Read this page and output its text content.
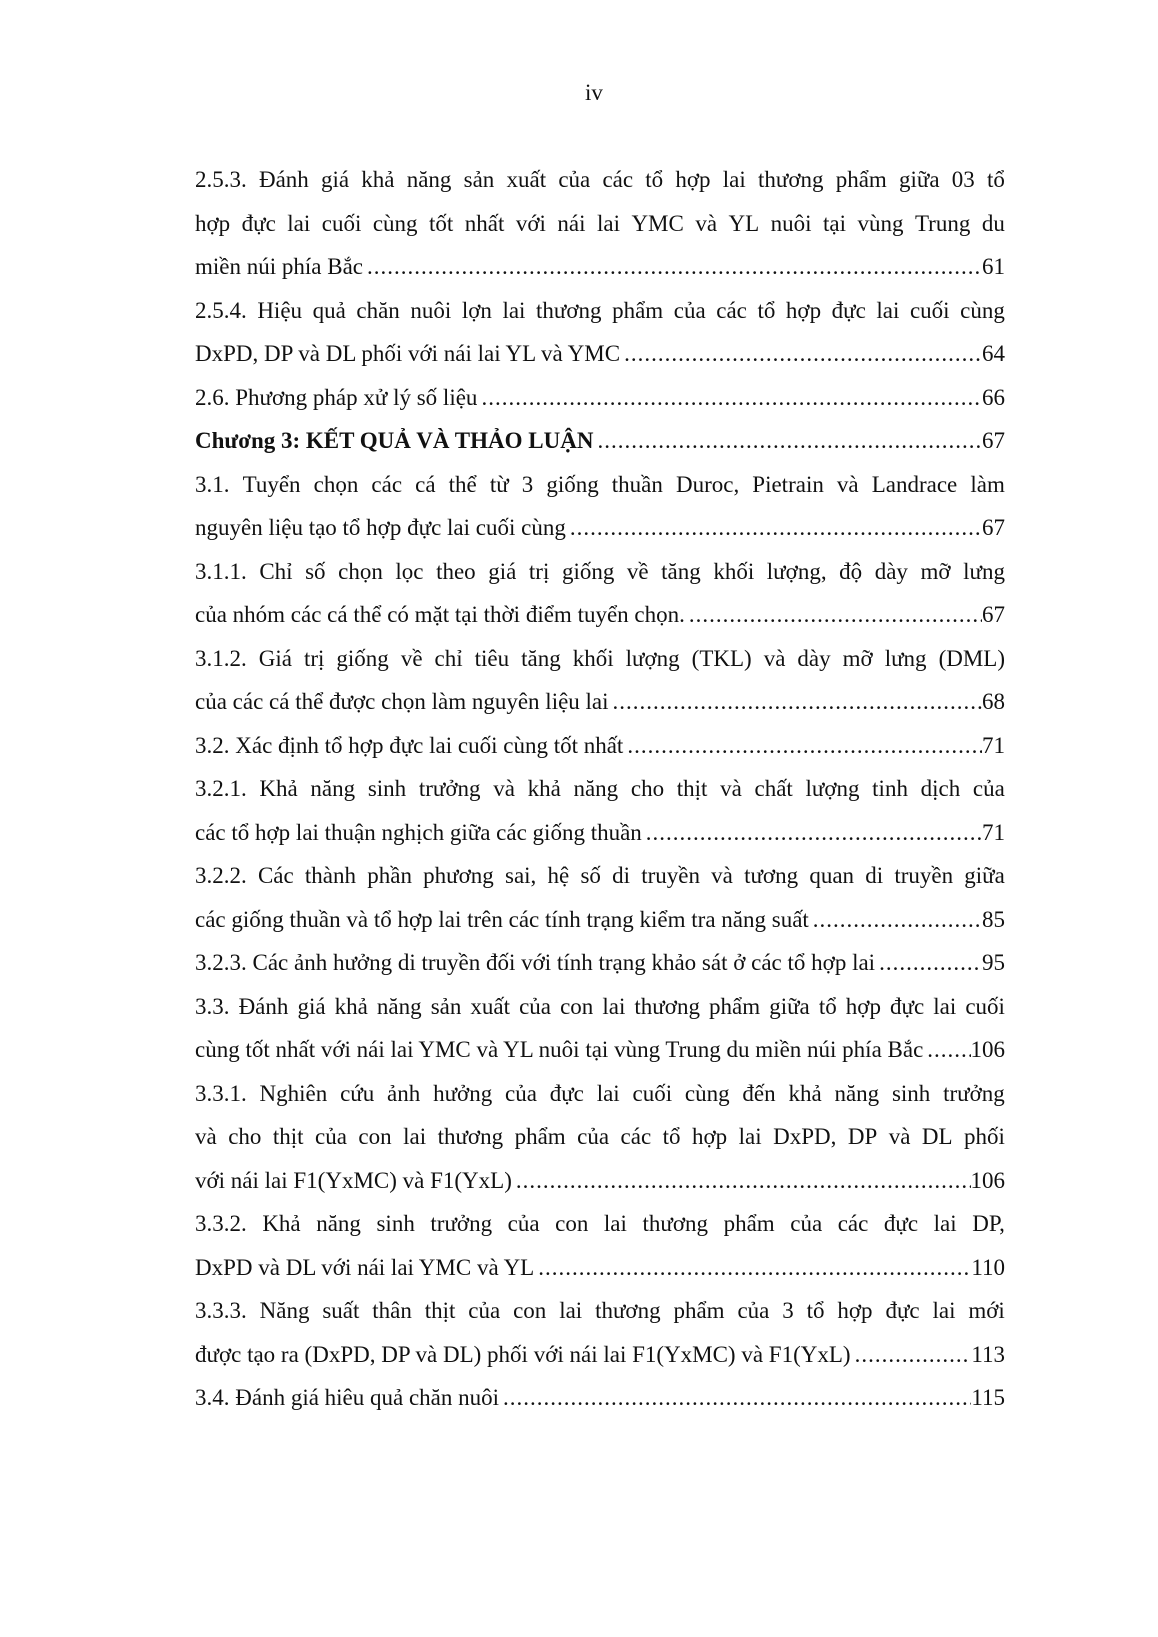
iv
2.5.3. Đánh giá khả năng sản xuất của các tổ hợp lai thương phẩm giữa 03 tổ
hợp đực lai cuối cùng tốt nhất với nái lai YMC và YL nuôi tại vùng Trung du
miền núi phía Bắc .....	61
2.5.4. Hiệu quả chăn nuôi lợn lai thương phẩm của các tổ hợp đực lai cuối cùng
DxPD, DP và DL phối với nái lai YL và YMC .....	64
2.6. Phương pháp xử lý số liệu .....	66
Chương 3: KẾT QUẢ VÀ THẢO LUẬN .....	67
3.1. Tuyển chọn các cá thể từ 3 giống thuần Duroc, Pietrain và Landrace làm
nguyên liệu tạo tổ hợp đực lai cuối cùng .....	67
3.1.1. Chỉ số chọn lọc theo giá trị giống về tăng khối lượng, độ dày mỡ lưng
của nhóm các cá thể có mặt tại thời điểm tuyển chọn. .....	67
3.1.2. Giá trị giống về chỉ tiêu tăng khối lượng (TKL) và dày mỡ lưng (DML)
của các cá thể được chọn làm nguyên liệu lai .....	68
3.2. Xác định tổ hợp đực lai cuối cùng tốt nhất .....	71
3.2.1. Khả năng sinh trưởng và khả năng cho thịt và chất lượng tinh dịch của
các tổ hợp lai thuận nghịch giữa các giống thuần .....	71
3.2.2. Các thành phần phương sai, hệ số di truyền và tương quan di truyền giữa
các giống thuần và tổ hợp lai trên các tính trạng kiểm tra năng suất .....	85
3.2.3. Các ảnh hưởng di truyền đối với tính trạng khảo sát ở các tổ hợp lai .....	95
3.3. Đánh giá khả năng sản xuất của con lai thương phẩm giữa tổ hợp đực lai cuối
cùng tốt nhất với nái lai YMC và YL nuôi tại vùng Trung du miền núi phía Bắc ..... 106
3.3.1. Nghiên cứu ảnh hưởng của đực lai cuối cùng đến khả năng sinh trưởng
và cho thịt của con lai thương phẩm của các tổ hợp lai DxPD, DP và DL phối
với nái lai F1(YxMC) và F1(YxL) .....	106
3.3.2. Khả năng sinh trưởng của con lai thương phẩm của các đực lai DP,
DxPD và DL với nái lai YMC và YL .....	110
3.3.3. Năng suất thân thịt của con lai thương phẩm của 3 tổ hợp đực lai mới
được tạo ra (DxPD, DP và DL) phối với nái lai F1(YxMC) và F1(YxL) .....	113
3.4. Đánh giá hiêu quả chăn nuôi .....	115
